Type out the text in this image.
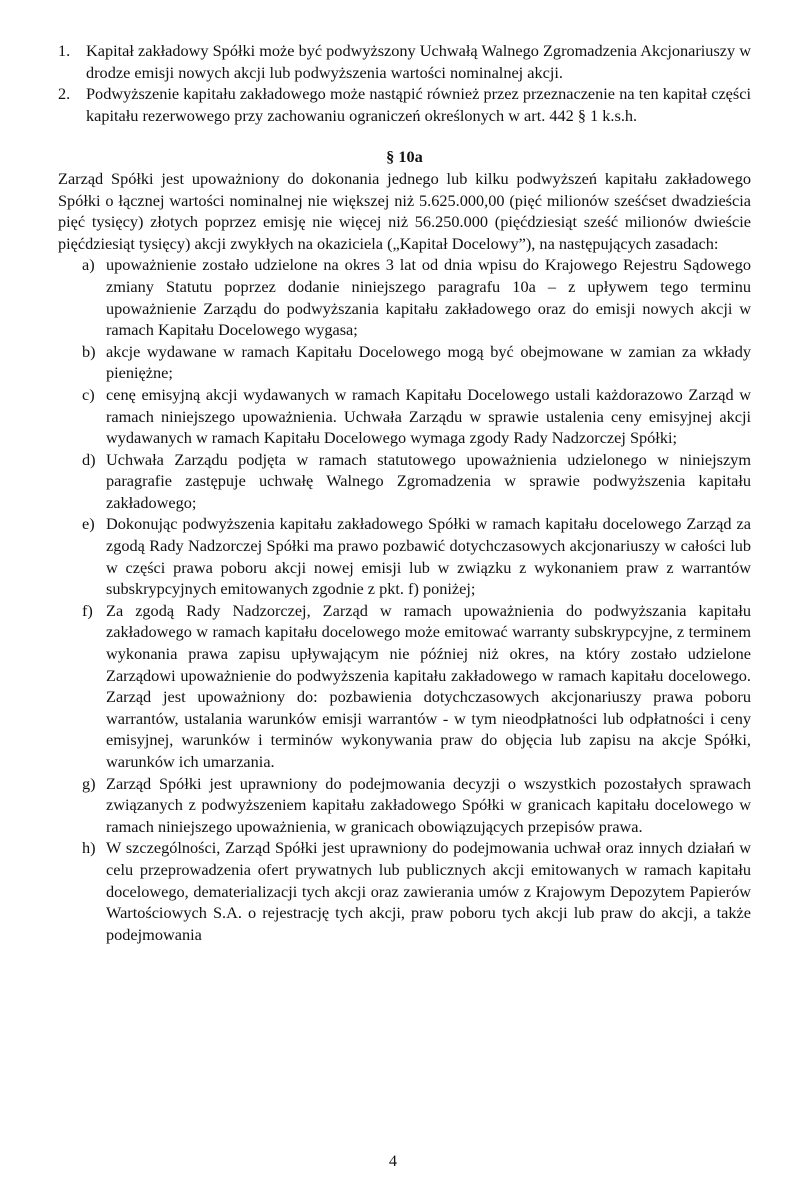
1. Kapitał zakładowy Spółki może być podwyższony Uchwałą Walnego Zgromadzenia Akcjonariuszy w drodze emisji nowych akcji lub podwyższenia wartości nominalnej akcji.
2. Podwyższenie kapitału zakładowego może nastąpić również przez przeznaczenie na ten kapitał części kapitału rezerwowego przy zachowaniu ograniczeń określonych w art. 442 § 1 k.s.h.
§ 10a

Zarząd Spółki jest upoważniony do dokonania jednego lub kilku podwyższeń kapitału zakładowego Spółki o łącznej wartości nominalnej nie większej niż 5.625.000,00 (pięć milionów sześćset dwadzieścia pięć tysięcy) złotych poprzez emisję nie więcej niż 56.250.000 (pięćdziesiąt sześć milionów dwieście pięćdziesiąt tysięcy) akcji zwykłych na okaziciela („Kapitał Docelowy”), na następujących zasadach:

a) upoważnienie zostało udzielone na okres 3 lat od dnia wpisu do Krajowego Rejestru Sądowego zmiany Statutu poprzez dodanie niniejszego paragrafu 10a – z upływem tego terminu upoważnienie Zarządu do podwyższania kapitału zakładowego oraz do emisji nowych akcji w ramach Kapitału Docelowego wygasa;
b) akcje wydawane w ramach Kapitału Docelowego mogą być obejmowane w zamian za wkłady pieniężne;
c) cenę emisyjną akcji wydawanych w ramach Kapitału Docelowego ustali każdorazowo Zarząd w ramach niniejszego upoważnienia. Uchwała Zarządu w sprawie ustalenia ceny emisyjnej akcji wydawanych w ramach Kapitału Docelowego wymaga zgody Rady Nadzorczej Spółki;
d) Uchwała Zarządu podjęta w ramach statutowego upoważnienia udzielonego w niniejszym paragrafie zastępuje uchwałę Walnego Zgromadzenia w sprawie podwyższenia kapitału zakładowego;
e) Dokonując podwyższenia kapitału zakładowego Spółki w ramach kapitału docelowego Zarząd za zgodą Rady Nadzorczej Spółki ma prawo pozbawić dotychczasowych akcjonariuszy w całości lub w części prawa poboru akcji nowej emisji lub w związku z wykonaniem praw z warrantów subskrypcyjnych emitowanych zgodnie z pkt. f) poniżej;
f) Za zgodą Rady Nadzorczej, Zarząd w ramach upoważnienia do podwyższania kapitału zakładowego w ramach kapitału docelowego może emitować warranty subskrypcyjne, z terminem wykonania prawa zapisu upływającym nie później niż okres, na który zostało udzielone Zarządowi upoważnienie do podwyższenia kapitału zakładowego w ramach kapitału docelowego. Zarząd jest upoważniony do: pozbawienia dotychczasowych akcjonariuszy prawa poboru warrantów, ustalania warunków emisji warrantów - w tym nieodpłatności lub odpłatności i ceny emisyjnej, warunków i terminów wykonywania praw do objęcia lub zapisu na akcje Spółki, warunków ich umarzania.
g) Zarząd Spółki jest uprawniony do podejmowania decyzji o wszystkich pozostałych sprawach związanych z podwyższeniem kapitału zakładowego Spółki w granicach kapitału docelowego w ramach niniejszego upoważnienia, w granicach obowiązujących przepisów prawa.
h) W szczególności, Zarząd Spółki jest uprawniony do podejmowania uchwał oraz innych działań w celu przeprowadzenia ofert prywatnych lub publicznych akcji emitowanych w ramach kapitału docelowego, dematerializacji tych akcji oraz zawierania umów z Krajowym Depozytem Papierów Wartościowych S.A. o rejestrację tych akcji, praw poboru tych akcji lub praw do akcji, a także podejmowania
4
